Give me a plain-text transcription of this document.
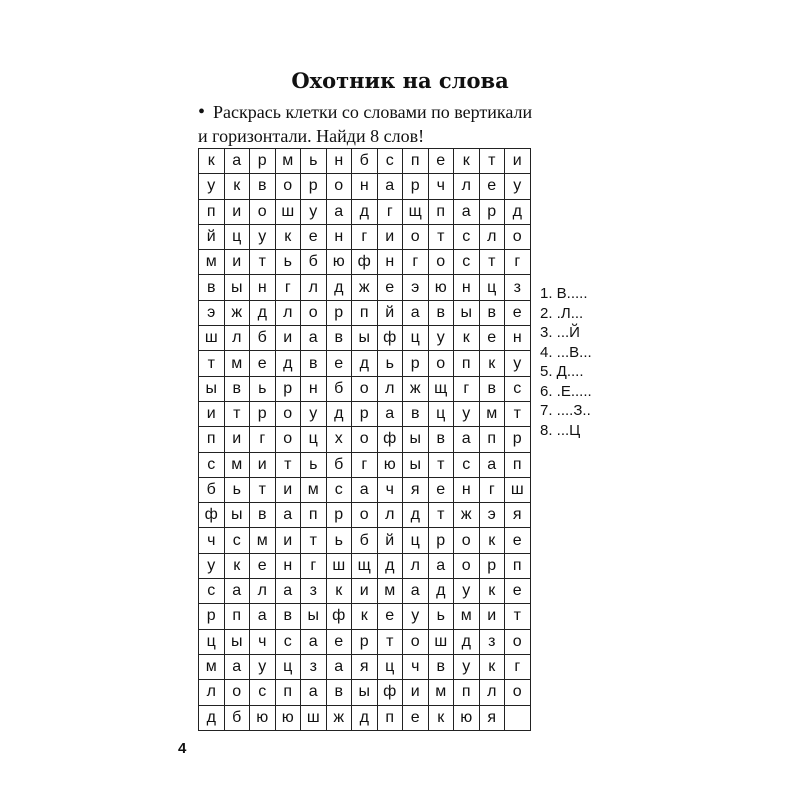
Охотник на слова
• Раскрась клетки со словами по вертикали
и горизонтали. Найди 8 слов!
к	а	р	м	ь	н	б	с	п	е	к	т	и
у	к	в	о	р	о	н	а	р	ч	л	е	у
п	и	о	ш	у	а	д	г	щ	п	а	р	д
й	ц	у	к	е	н	г	и	о	т	с	л	о
м	и	т	ь	б	ю	ф	н	г	о	с	т	г
в	ы	н	г	л	д	ж	е	э	ю	н	ц	з
э	ж	д	л	о	р	п	й	а	в	ы	в	е
ш	л	б	и	а	в	ы	ф	ц	у	к	е	н
т	м	е	д	в	е	д	ь	р	о	п	к	у
ы	в	ь	р	н	б	о	л	ж	щ	г	в	с
и	т	р	о	у	д	р	а	в	ц	у	м	т
п	и	г	о	ц	х	о	ф	ы	в	а	п	р
с	м	и	т	ь	б	г	ю	ы	т	с	а	п
б	ь	т	и	м	с	а	ч	я	е	н	г	ш
ф	ы	в	а	п	р	о	л	д	т	ж	э	я
ч	с	м	и	т	ь	б	й	ц	р	о	к	е
у	к	е	н	г	ш	щ	д	л	а	о	р	п
с	а	л	а	з	к	и	м	а	д	у	к	е
р	п	а	в	ы	ф	к	е	у	ь	м	и	т
ц	ы	ч	с	а	е	р	т	о	ш	д	з	о
м	а	у	ц	з	а	я	ц	ч	в	у	к	г
л	о	с	п	а	в	ы	ф	и	м	п	л	о
д	б	ю	ю	ш	ж	д	п	е	к	ю	я	
1. В.....
2. .Л...
3. ...Й
4. ...В...
5. Д....
6. .Е.....
7. ....З..
8. ...Ц
4
